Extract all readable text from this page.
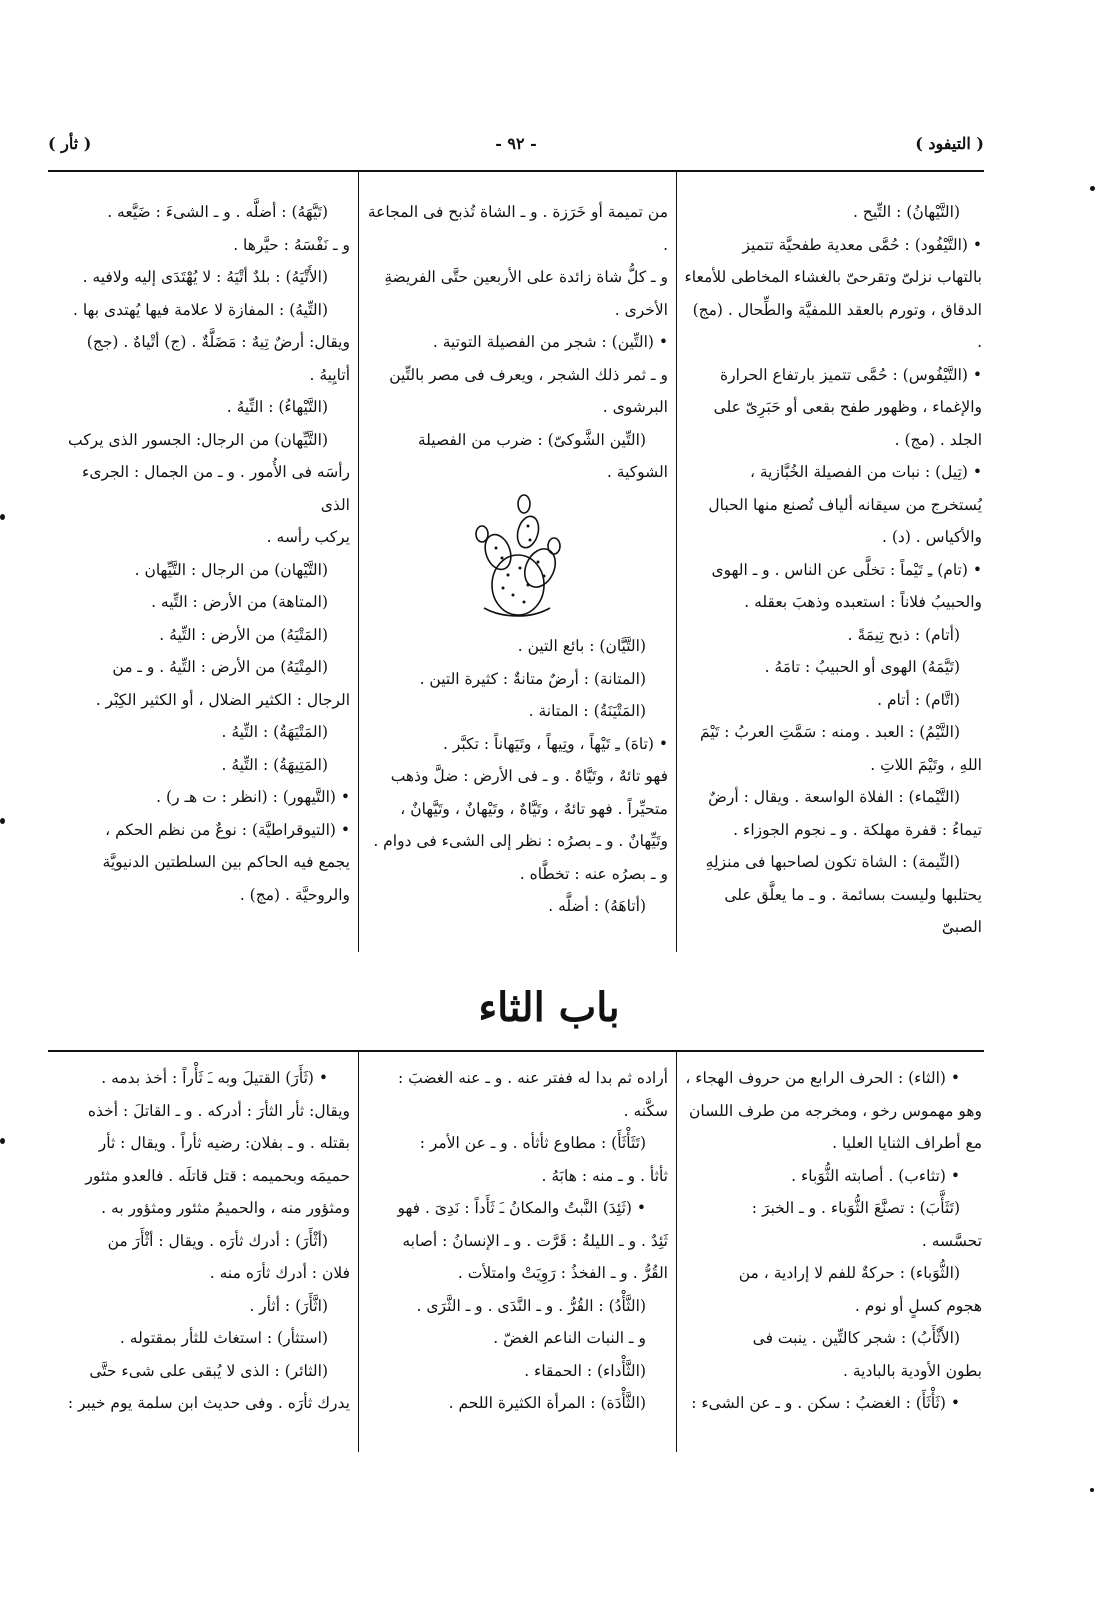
( التيفود )
- ٩٢ -
( ثأر )

(التَّيْهانُ) : التِّيح .

• (التَّيْفُود) : حُمَّى معدية طفحيَّة تتميز

بالتهاب نزلىّ وتقرحىّ بالغشاء المخاطى للأمعاء

الدقاق ، وتورم بالعقد اللمفيَّة والطِّحال . (مج) .

• (التَّيْفُوس) : حُمَّى تتميز بارتفاع الحرارة

والإغماء ، وظهور طفح بقعى أو حَبَرِىّ على

الجلد . (مج) .

• (تِيل) : نبات من الفصيلة الخُبَّازية ،

يُستخرج من سيقانه ألياف تُصنع منها الحبال

والأكياس . (د) .

• (تام) ـِ تَيْماً : تخلَّى عن الناس . و ـ الهوى

والحبيبُ فلاناً : استعبده وذهبَ بعقله .

(أتام) : ذبح تِيمَةً .

(تَيَّمَهُ) الهوى أو الحبيبُ : تامَهُ .

(اتَّام) : أتام .

(التَّيْمُ) : العبد . ومنه : سَمَّتِ العربُ : تَيْمَ

اللهِ ، وتَيْمَ اللاتِ .

(التَّيْماء) : الفلاة الواسعة . ويقال : أرضٌ

تيماءُ : قفرة مهلكة . و ـ نجوم الجوزاء .

(التِّيمة) : الشاة تكون لصاحبها فى منزلِهِ

يحتلبها وليست بسائمة . و ـ ما يعلَّق على الصبىّ

من تميمة أو خَرَزة . و ـ الشاة تُذبح فى المجاعة .

و ـ كلُّ شاة زائدة على الأربعين حتَّى الفريضةِ

الأخرى .

• (التِّين) : شجر من الفصيلة التوتية .

و ـ ثمر ذلك الشجر ، ويعرف فى مصر بالتِّين

البرشوى .

(التِّين الشَّوكىّ) : ضرب من الفصيلة

الشوكية .

(التَّيَّان) : بائع التين .

(المتانة) : أرضٌ متانةٌ : كثيرة التين .

(المَتْيَنَةُ) : المتانة .

• (تاهَ) ـِ تَيْهاً ، وتِيهاً ، وتَيَهاناً : تكبَّر .

فهو تائهٌ ، وتَيَّاهٌ . و ـ فى الأرض : ضلَّ وذهب

متحيِّراً . فهو تائهٌ ، وتَيَّاهٌ ، وتَيْهانٌ ، وتَيَّهانٌ ،

وتَيِّهانٌ . و ـ بصرُه : نظر إلى الشىء فى دوام .

و ـ بصرُه عنه : تخطَّاه .

(أتاهَهُ) : أضلَّه .

(تَيَّهَهُ) : أضلَّه . و ـ الشىءَ : ضَيَّعه .

و ـ نَفْسَهُ : حيَّرها .

(الأَتْيَهُ) : بلدٌ أتْيَهُ : لا يُهْتَدَى إليه ولافيه .

(التِّيهُ) : المفازة لا علامة فيها يُهتدى بها .

ويقال: أرضٌ تِيهٌ : مَضَلَّةٌ . (ج) أتْياهٌ . (جج)

أتايِيهُ .

(التَّيْهاءُ) : التِّيهُ .

(التَّيِّهان) من الرجال: الجسور الذى يركب

رأسَه فى الأُمور . و ـ من الجمال : الجرىء الذى

يركب رأسه .

(التَّيْهان) من الرجال : التَّيِّهان .

(المتاهة) من الأرض : التِّيه .

(المَتْيَهُ) من الأرض : التِّيهُ .

(المِتْيَهُ) من الأرض : التِّيهُ . و ـ من

الرجال : الكثير الضلال ، أو الكثير الكِبْر .

(المَتْيَهَةُ) : التِّيهُ .

(المَتِيهَةُ) : التِّيهُ .

• (التَّيهور) : (انظر : ت هـ ر) .

• (التيوقراطيَّة) : نوعٌ من نظم الحكم ،

يجمع فيه الحاكم بين السلطتين الدنيويَّة

والروحيَّة . (مج) .

باب الثاء

• (الثاء) : الحرف الرابع من حروف الهجاء ،

وهو مهموس رخو ، ومخرجه من طرف اللسان

مع أطراف الثنايا العليا .

• (تثاءب) . أصابته الثُّوَباء .

(تَثَأَّبَ) : تصنَّعَ الثُّوَباء . و ـ الخبرَ :

تحسَّسه .

(الثُّوَباء) : حركةٌ للفم لا إرادية ، من

هجوم كسلٍ أو نوم .

(الأَثْأَبُ) : شجر كالتِّين . ينبت فى

بطون الأودية بالبادية .

• (ثَأْثَأَ) : الغضبُ : سكن . و ـ عن الشىء :

أراده ثم بدا له ففتر عنه . و ـ عنه الغضبَ :

سكَّنه .

(تَثَأْثَأَ) : مطاوع ثأثأه . و ـ عن الأمر :

ثأثأ . و ـ منه : هابَهُ .

• (ثَئِدَ) النَّبتُ والمكانُ ـَ ثَأَداً : نَدِىَ . فهو

ثَئِدٌ . و ـ الليلةُ : قَرَّت . و ـ الإنسانُ : أصابه

القُرُّ . و ـ الفخذُ : رَوِيَتْ وامتلأت .

(الثَّأْدُ) : القُرُّ . و ـ النَّدَى . و ـ الثَّرَى .

و ـ النبات الناعم الغضّ .

(الثَّأْداء) : الحمقاء .

(الثَّأْدَة) : المرأة الكثيرة اللحم .

• (ثَأَرَ) القتيلَ وبه ـَ ثَأْراً : أخذ بدمه .

ويقال: ثأر الثأرَ : أدركه . و ـ القاتلَ : أخذه

بقتله . و ـ بفلان: رضيه ثأراً . ويقال : ثأر

حميمَه وبحميمه : قتل قاتلَه . فالعدو مثئور

ومثؤور منه ، والحميمُ مثئور ومثؤور به .

(أثْأَرَ) : أدرك ثأرَه . ويقال : أثْأَرَ من

فلان : أدرك ثأرَه منه .

(اثَّأَرَ) : أثأر .

(استثأر) : استغاث للثأر بمقتوله .

(الثائر) : الذى لا يُبقى على شىء حتَّى

يدرك ثأرَه . وفى حديث ابن سلمة يوم خيبر :
